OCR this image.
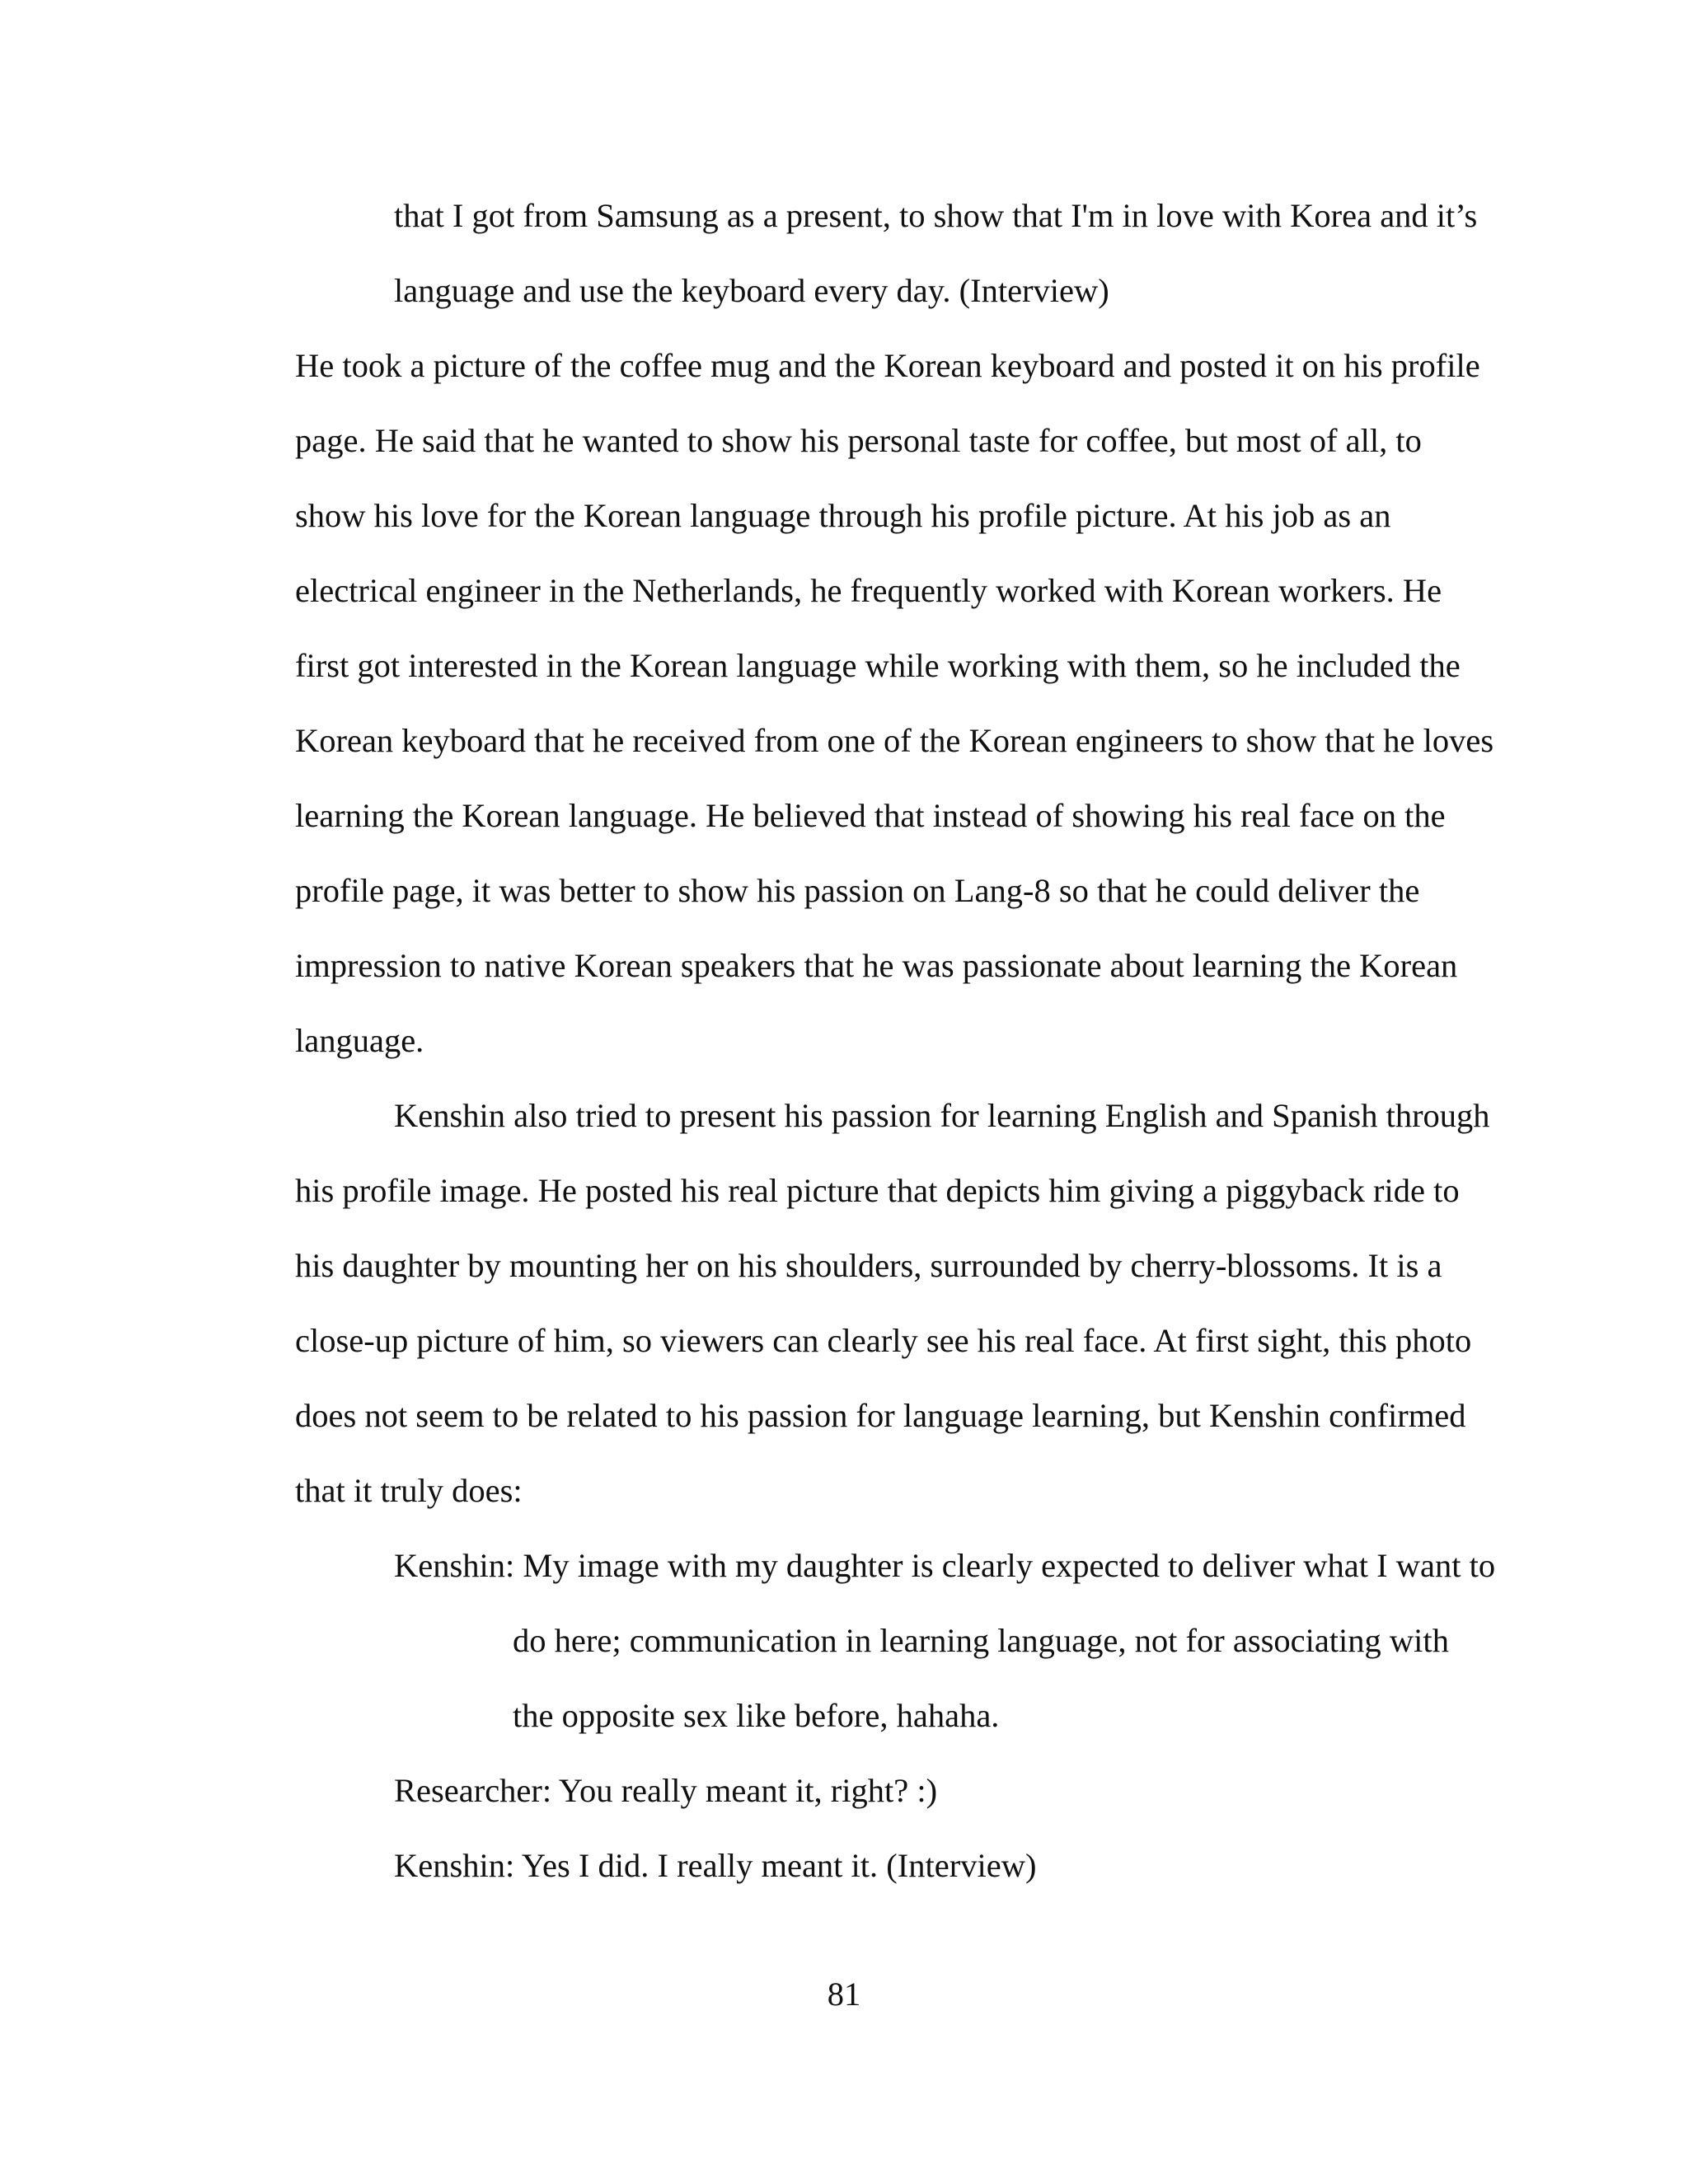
that I got from Samsung as a present, to show that I'm in love with Korea and it’s

language and use the keyboard every day. (Interview)

He took a picture of the coffee mug and the Korean keyboard and posted it on his profile

page. He said that he wanted to show his personal taste for coffee, but most of all, to

show his love for the Korean language through his profile picture. At his job as an

electrical engineer in the Netherlands, he frequently worked with Korean workers. He

first got interested in the Korean language while working with them, so he included the

Korean keyboard that he received from one of the Korean engineers to show that he loves

learning the Korean language. He believed that instead of showing his real face on the

profile page, it was better to show his passion on Lang-8 so that he could deliver the

impression to native Korean speakers that he was passionate about learning the Korean

language.

Kenshin also tried to present his passion for learning English and Spanish through

his profile image. He posted his real picture that depicts him giving a piggyback ride to

his daughter by mounting her on his shoulders, surrounded by cherry-blossoms. It is a

close-up picture of him, so viewers can clearly see his real face. At first sight, this photo

does not seem to be related to his passion for language learning, but Kenshin confirmed

that it truly does:

Kenshin: My image with my daughter is clearly expected to deliver what I want to

do here; communication in learning language, not for associating with

the opposite sex like before, hahaha.

Researcher: You really meant it, right? :)

Kenshin: Yes I did. I really meant it. (Interview)

81
